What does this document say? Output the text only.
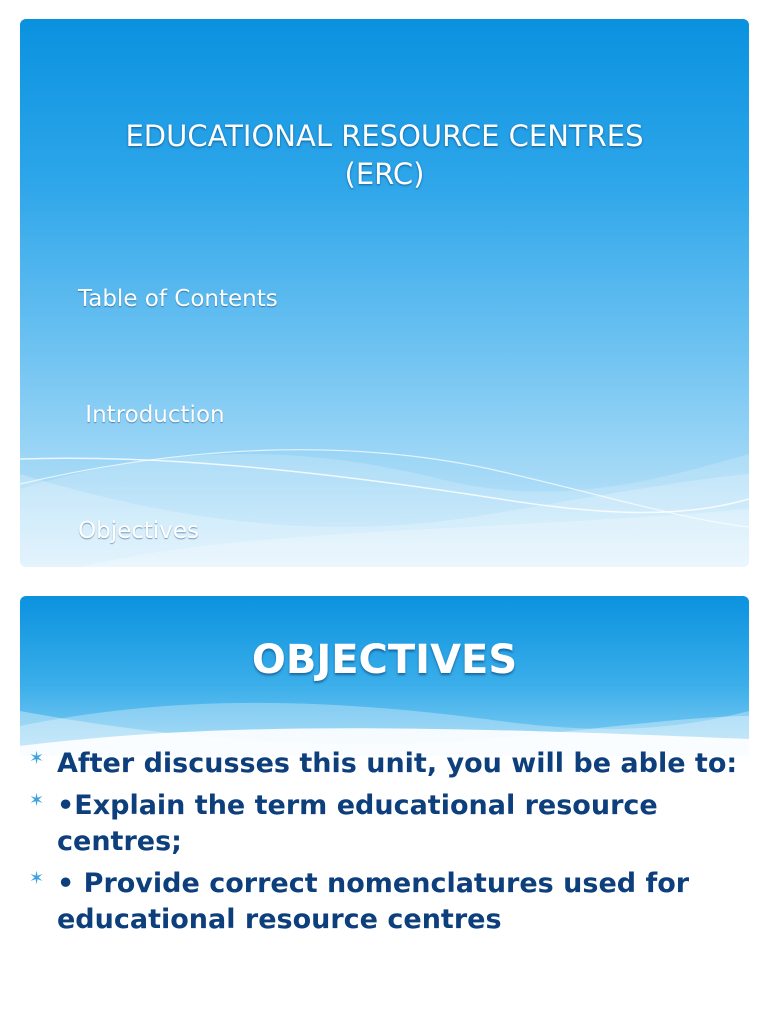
EDUCATIONAL RESOURCE CENTRES
(ERC)

Table of Contents

Introduction

Objectives

OBJECTIVES
✶ After discusses this unit, you will be able to:
✶ •Explain the term educational resource centres;
✶ • Provide correct nomenclatures used for educational resource centres
